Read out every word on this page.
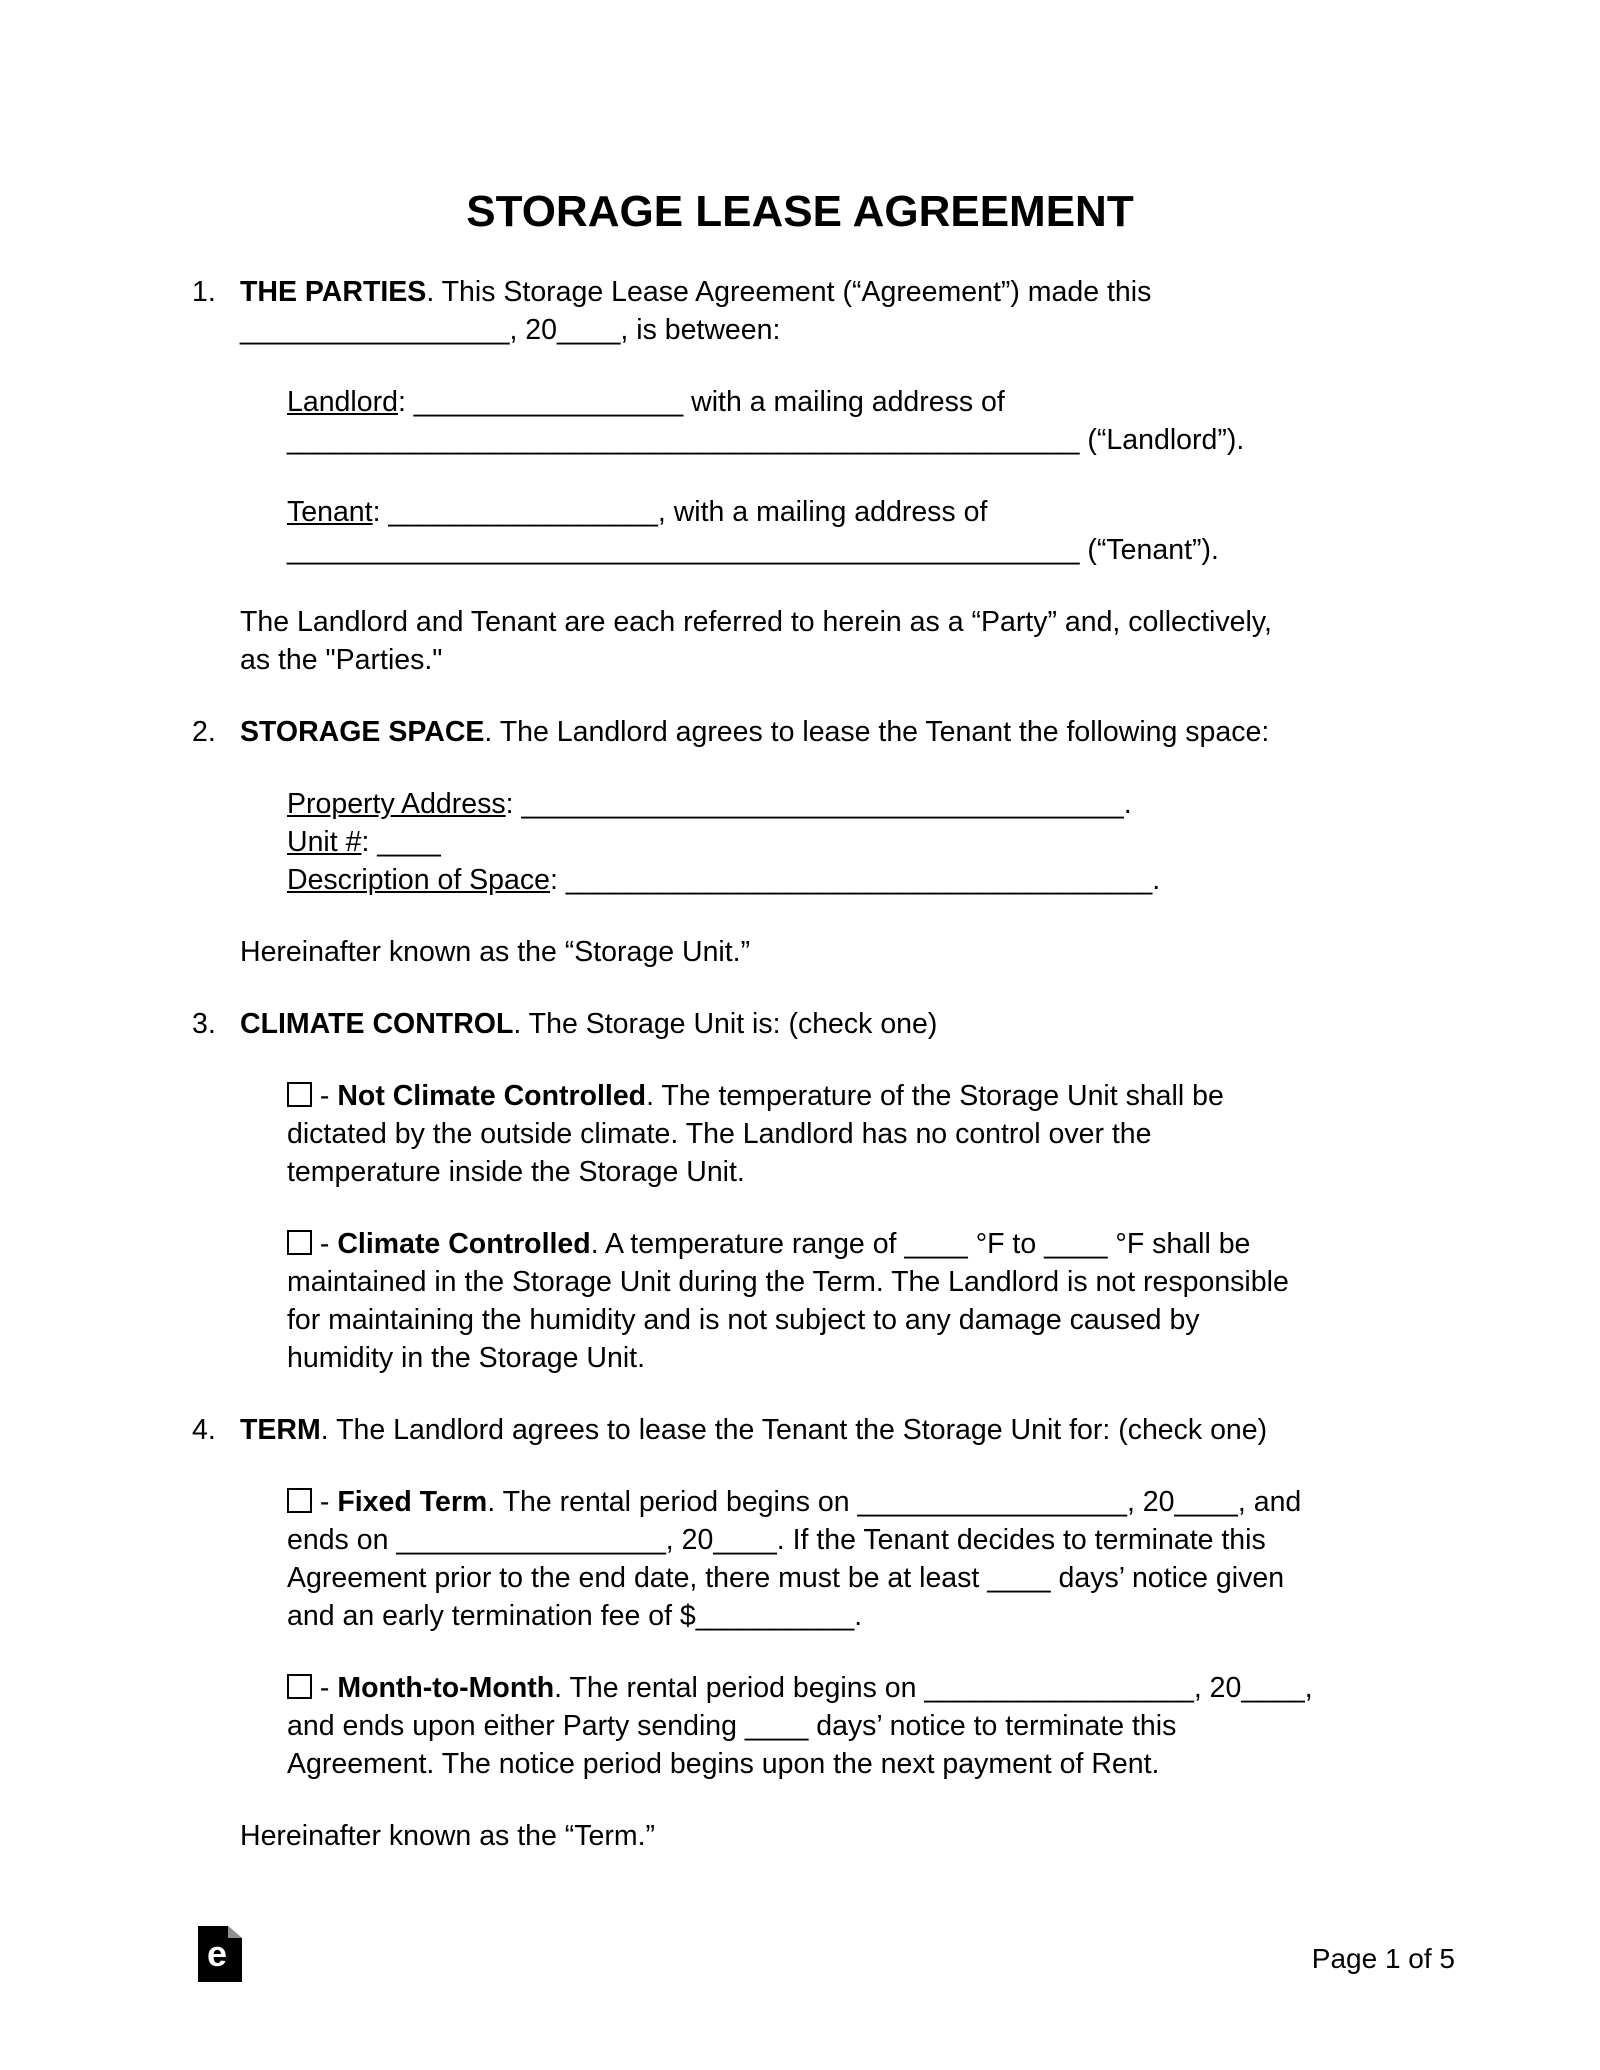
STORAGE LEASE AGREEMENT
1. THE PARTIES. This Storage Lease Agreement (“Agreement”) made this
_________________, 20____, is between:
Landlord: _________________ with a mailing address of
__________________________________________________ (“Landlord”).
Tenant: _________________, with a mailing address of
__________________________________________________ (“Tenant”).
The Landlord and Tenant are each referred to herein as a “Party” and, collectively,
as the "Parties."
2. STORAGE SPACE. The Landlord agrees to lease the Tenant the following space:
Property Address: ______________________________________.
Unit #: ____
Description of Space: _____________________________________.
Hereinafter known as the “Storage Unit.”
3. CLIMATE CONTROL. The Storage Unit is: (check one)
- Not Climate Controlled. The temperature of the Storage Unit shall be
dictated by the outside climate. The Landlord has no control over the
temperature inside the Storage Unit.
- Climate Controlled. A temperature range of ____ °F to ____ °F shall be
maintained in the Storage Unit during the Term. The Landlord is not responsible
for maintaining the humidity and is not subject to any damage caused by
humidity in the Storage Unit.
4. TERM. The Landlord agrees to lease the Tenant the Storage Unit for: (check one)
- Fixed Term. The rental period begins on _________________, 20____, and
ends on _________________, 20____. If the Tenant decides to terminate this
Agreement prior to the end date, there must be at least ____ days’ notice given
and an early termination fee of $__________.
- Month-to-Month. The rental period begins on _________________, 20____,
and ends upon either Party sending ____ days’ notice to terminate this
Agreement. The notice period begins upon the next payment of Rent.
Hereinafter known as the “Term.”
e	Page 1 of 5
